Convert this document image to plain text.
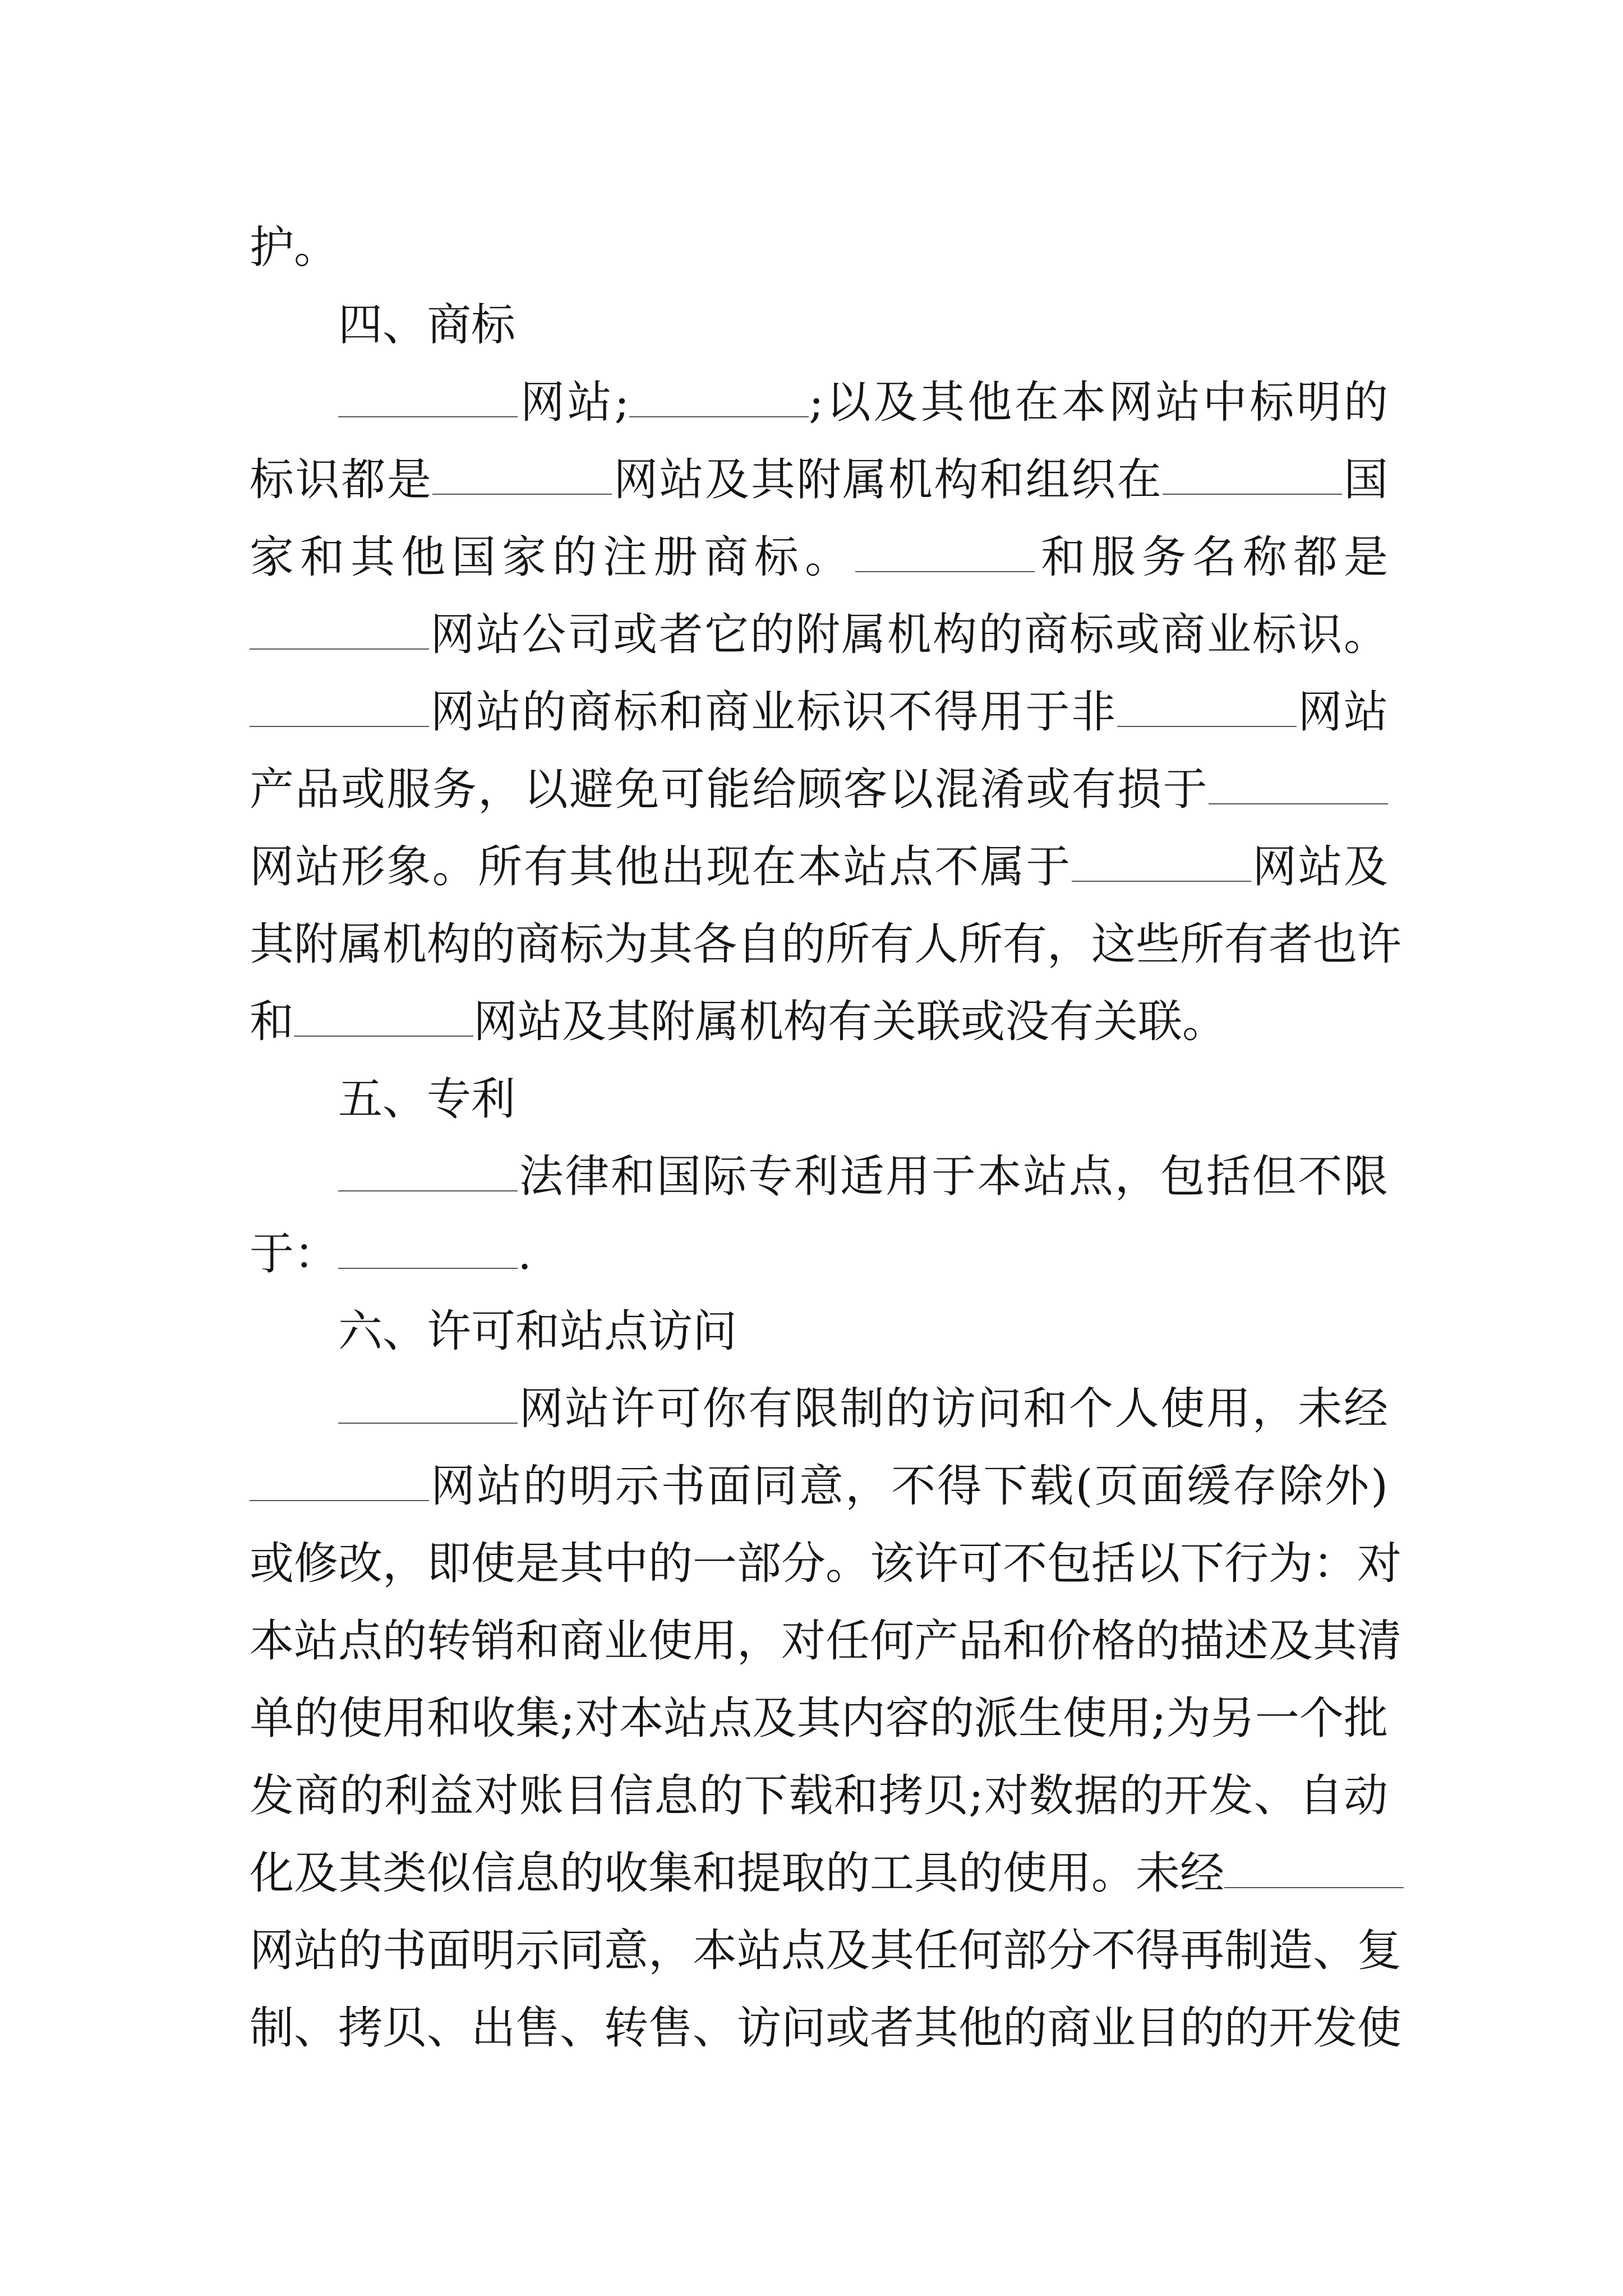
护。
四、商标
网站;	;以及其他在本网站中标明的
标识都是	网站及其附属机构和组织在	国
家和其他国家的注册商标。	和服务名称都是
网站公司或者它的附属机构的商标或商业标识。
网站的商标和商业标识不得用于非	网站
产品或服务，以避免可能给顾客以混淆或有损于
网站形象。所有其他出现在本站点不属于	网站及
其附属机构的商标为其各自的所有人所有，这些所有者也许
和	网站及其附属机构有关联或没有关联。
五、专利
法律和国际专利适用于本站点，包括但不限
于：	.
六、许可和站点访问
网站许可你有限制的访问和个人使用，未经
网站的明示书面同意，不得下载(页面缓存除外)
或修改，即使是其中的一部分。该许可不包括以下行为：对
本站点的转销和商业使用，对任何产品和价格的描述及其清
单的使用和收集;对本站点及其内容的派生使用;为另一个批
发商的利益对账目信息的下载和拷贝;对数据的开发、自动
化及其类似信息的收集和提取的工具的使用。未经
网站的书面明示同意，本站点及其任何部分不得再制造、复
制、拷贝、出售、转售、访问或者其他的商业目的的开发使
